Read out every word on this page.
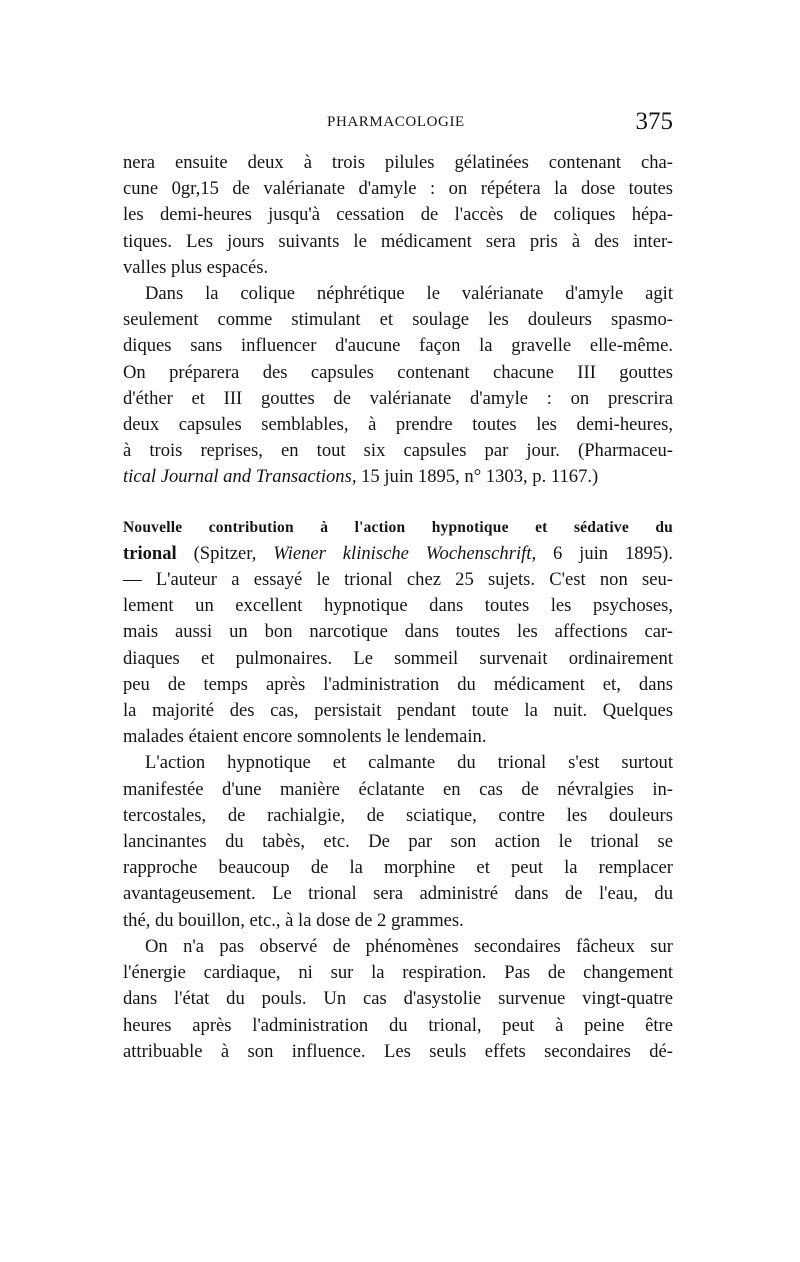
PHARMACOLOGIE	375
nera ensuite deux à trois pilules gélatinées contenant cha-
cune 0gr,15 de valérianate d'amyle : on répétera la dose toutes
les demi-heures jusqu'à cessation de l'accès de coliques hépa-
tiques. Les jours suivants le médicament sera pris à des inter-
valles plus espacés.
Dans la colique néphrétique le valérianate d'amyle agit
seulement comme stimulant et soulage les douleurs spasmo-
diques sans influencer d'aucune façon la gravelle elle-même.
On préparera des capsules contenant chacune III gouttes
d'éther et III gouttes de valérianate d'amyle : on prescrira
deux capsules semblables, à prendre toutes les demi-heures,
à trois reprises, en tout six capsules par jour. (Pharmaceu-
tical Journal and Transactions, 15 juin 1895, n° 1303, p. 1167.)
Nouvelle contribution à l'action hypnotique et sédative du
trional (Spitzer, Wiener klinische Wochenschrift, 6 juin 1895).
— L'auteur a essayé le trional chez 25 sujets. C'est non seu-
lement un excellent hypnotique dans toutes les psychoses,
mais aussi un bon narcotique dans toutes les affections car-
diaques et pulmonaires. Le sommeil survenait ordinairement
peu de temps après l'administration du médicament et, dans
la majorité des cas, persistait pendant toute la nuit. Quelques
malades étaient encore somnolents le lendemain.
L'action hypnotique et calmante du trional s'est surtout
manifestée d'une manière éclatante en cas de névralgies in-
tercostales, de rachialgie, de sciatique, contre les douleurs
lancinantes du tabès, etc. De par son action le trional se
rapproche beaucoup de la morphine et peut la remplacer
avantageusement. Le trional sera administré dans de l'eau, du
thé, du bouillon, etc., à la dose de 2 grammes.
On n'a pas observé de phénomènes secondaires fâcheux sur
l'énergie cardiaque, ni sur la respiration. Pas de changement
dans l'état du pouls. Un cas d'asystolie survenue vingt-quatre
heures après l'administration du trional, peut à peine être
attribuable à son influence. Les seuls effets secondaires dé-
